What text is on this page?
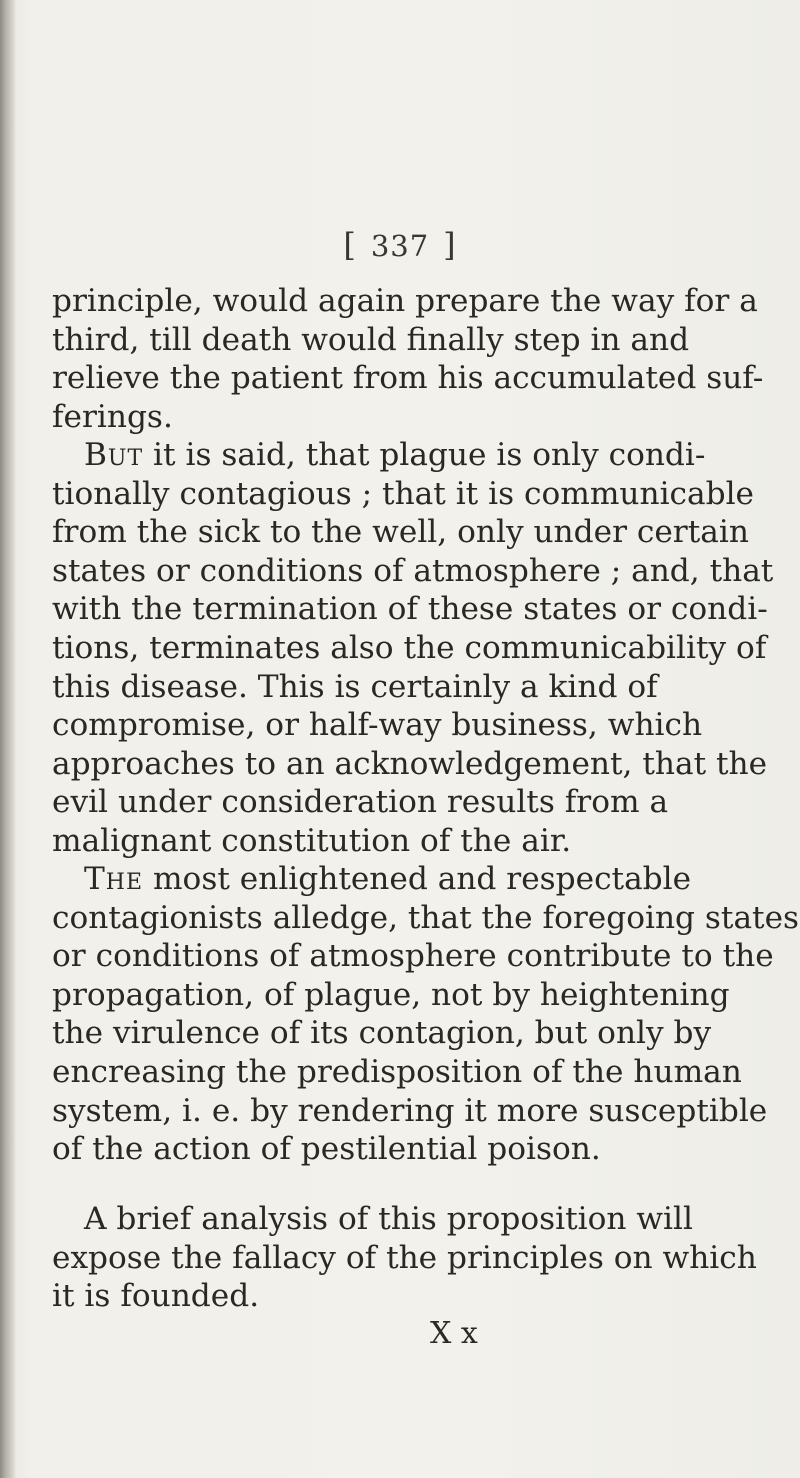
[ 337 ]
principle, would again prepare the way for a
third, till death would finally step in and
relieve the patient from his accumulated suf-
ferings.
But it is said, that plague is only condi-
tionally contagious ; that it is communicable
from the sick to the well, only under certain
states or conditions of atmosphere ; and, that
with the termination of these states or condi-
tions, terminates also the communicability of
this disease. This is certainly a kind of
compromise, or half-way business, which
approaches to an acknowledgement, that the
evil under consideration results from a
malignant constitution of the air.
The most enlightened and respectable
contagionists alledge, that the foregoing states
or conditions of atmosphere contribute to the
propagation, of plague, not by heightening
the virulence of its contagion, but only by
encreasing the predisposition of the human
system, i. e. by rendering it more susceptible
of the action of pestilential poison.
A brief analysis of this proposition will
expose the fallacy of the principles on which
it is founded.
X x
